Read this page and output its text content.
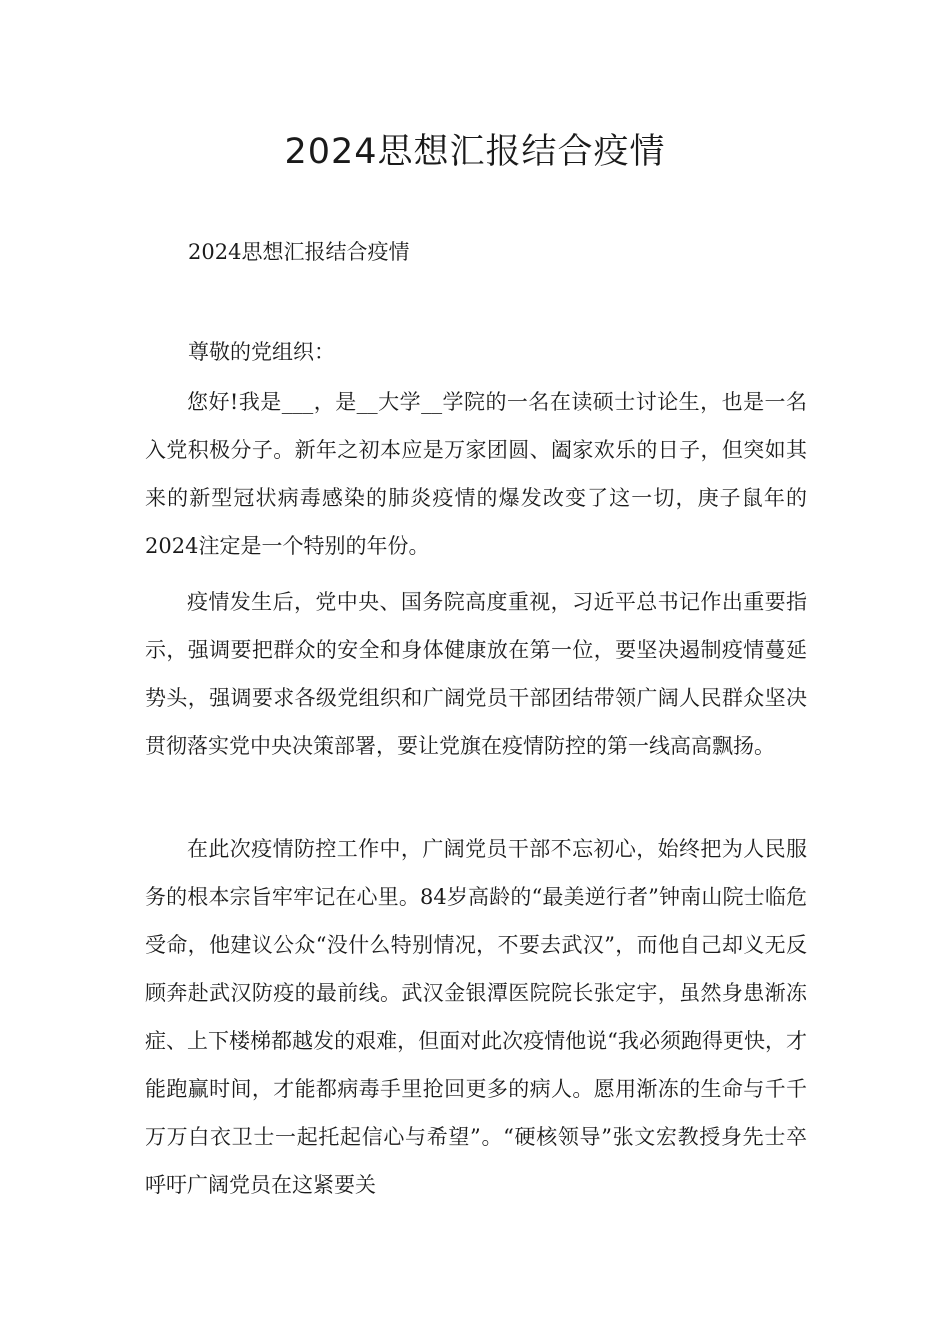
2024思想汇报结合疫情
2024思想汇报结合疫情
尊敬的党组织：

您好!我是___，是__大学__学院的一名在读硕士讨论生，也是一名入党积极分子。新年之初本应是万家团圆、阖家欢乐的日子，但突如其来的新型冠状病毒感染的肺炎疫情的爆发改变了这一切，庚子鼠年的2024注定是一个特别的年份。

疫情发生后，党中央、国务院高度重视，习近平总书记作出重要指示，强调要把群众的安全和身体健康放在第一位，要坚决遏制疫情蔓延势头，强调要求各级党组织和广阔党员干部团结带领广阔人民群众坚决贯彻落实党中央决策部署，要让党旗在疫情防控的第一线高高飘扬。

在此次疫情防控工作中，广阔党员干部不忘初心，始终把为人民服务的根本宗旨牢牢记在心里。84岁高龄的“最美逆行者”钟南山院士临危受命，他建议公众“没什么特别情况，不要去武汉”，而他自己却义无反顾奔赴武汉防疫的最前线。武汉金银潭医院院长张定宇，虽然身患渐冻症、上下楼梯都越发的艰难，但面对此次疫情他说“我必须跑得更快，才能跑赢时间，才能都病毒手里抢回更多的病人。愿用渐冻的生命与千千万万白衣卫士一起托起信心与希望”。“硬核领导”张文宏教授身先士卒呼吁广阔党员在这紧要关
